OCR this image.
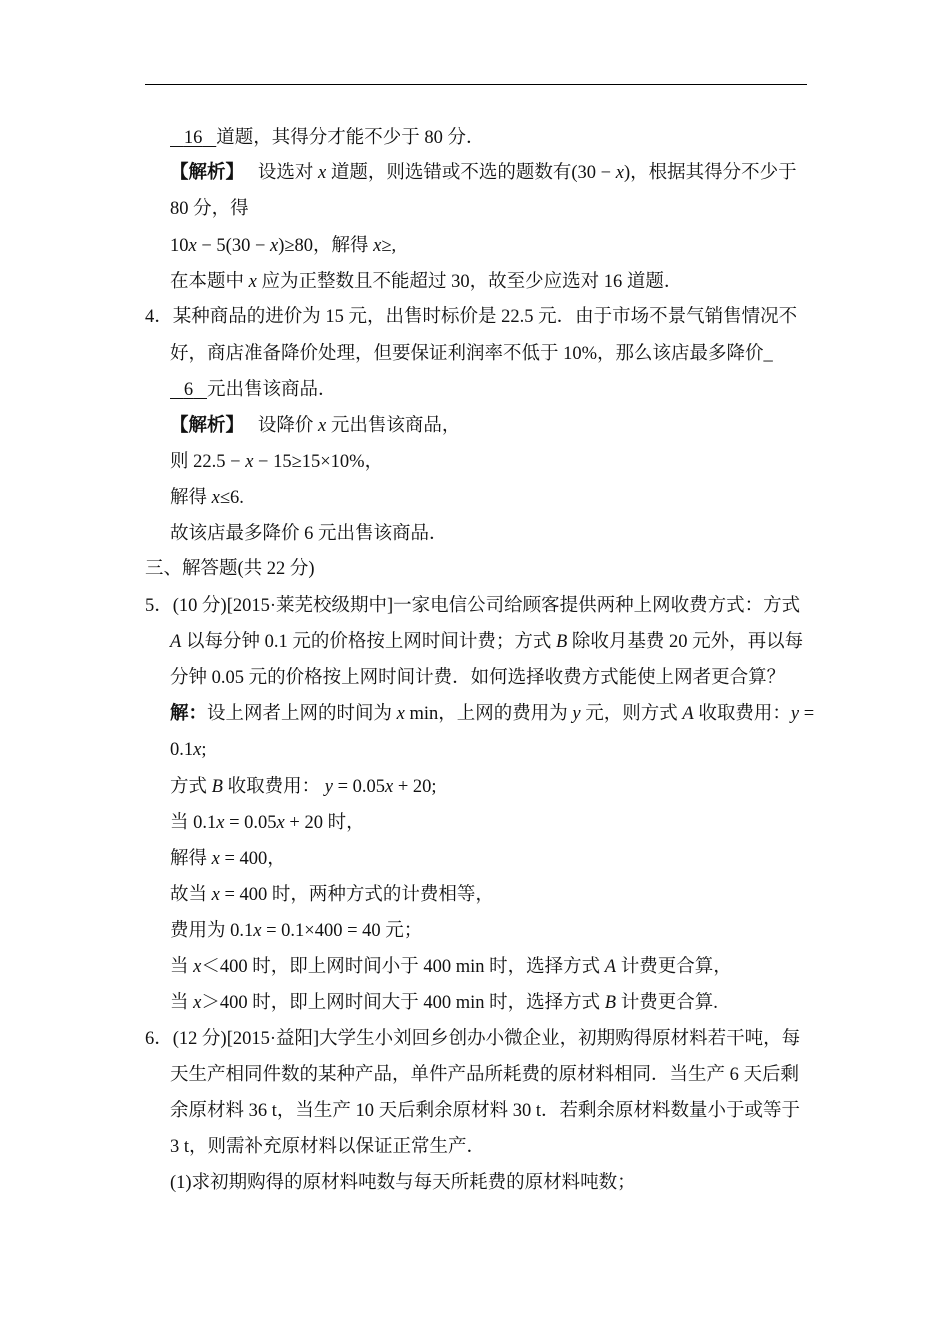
16 道题，其得分才能不少于 80 分．
【解析】 设选对 x 道题，则选错或不选的题数有(30 − x)，根据其得分不少于
80 分，得
10x − 5(30 − x)≥80，解得 x≥,
在本题中 x 应为正整数且不能超过 30，故至少应选对 16 道题．
4．某种商品的进价为 15 元，出售时标价是 22.5 元．由于市场不景气销售情况不
好，商店准备降价处理，但要保证利润率不低于 10%，那么该店最多降价_
6 元出售该商品．
【解析】 设降价 x 元出售该商品，
则 22.5 − x − 15≥15×10%，
解得 x≤6.
故该店最多降价 6 元出售该商品．
三、解答题(共 22 分)
5．(10 分)[2015·莱芜校级期中]一家电信公司给顾客提供两种上网收费方式：方式
A 以每分钟 0.1 元的价格按上网时间计费；方式 B 除收月基费 20 元外，再以每
分钟 0.05 元的价格按上网时间计费．如何选择收费方式能使上网者更合算？
解：设上网者上网的时间为 x min，上网的费用为 y 元，则方式 A 收取费用：y =
0.1x;
方式 B 收取费用： y = 0.05x + 20;
当 0.1x = 0.05x + 20 时，
解得 x = 400，
故当 x = 400 时，两种方式的计费相等，
费用为 0.1x = 0.1×400 = 40 元；
当 x＜400 时，即上网时间小于 400 min 时，选择方式 A 计费更合算，
当 x＞400 时，即上网时间大于 400 min 时，选择方式 B 计费更合算.
6．(12 分)[2015·益阳]大学生小刘回乡创办小微企业，初期购得原材料若干吨，每
天生产相同件数的某种产品，单件产品所耗费的原材料相同．当生产 6 天后剩
余原材料 36 t，当生产 10 天后剩余原材料 30 t．若剩余原材料数量小于或等于
3 t，则需补充原材料以保证正常生产．
(1)求初期购得的原材料吨数与每天所耗费的原材料吨数；
